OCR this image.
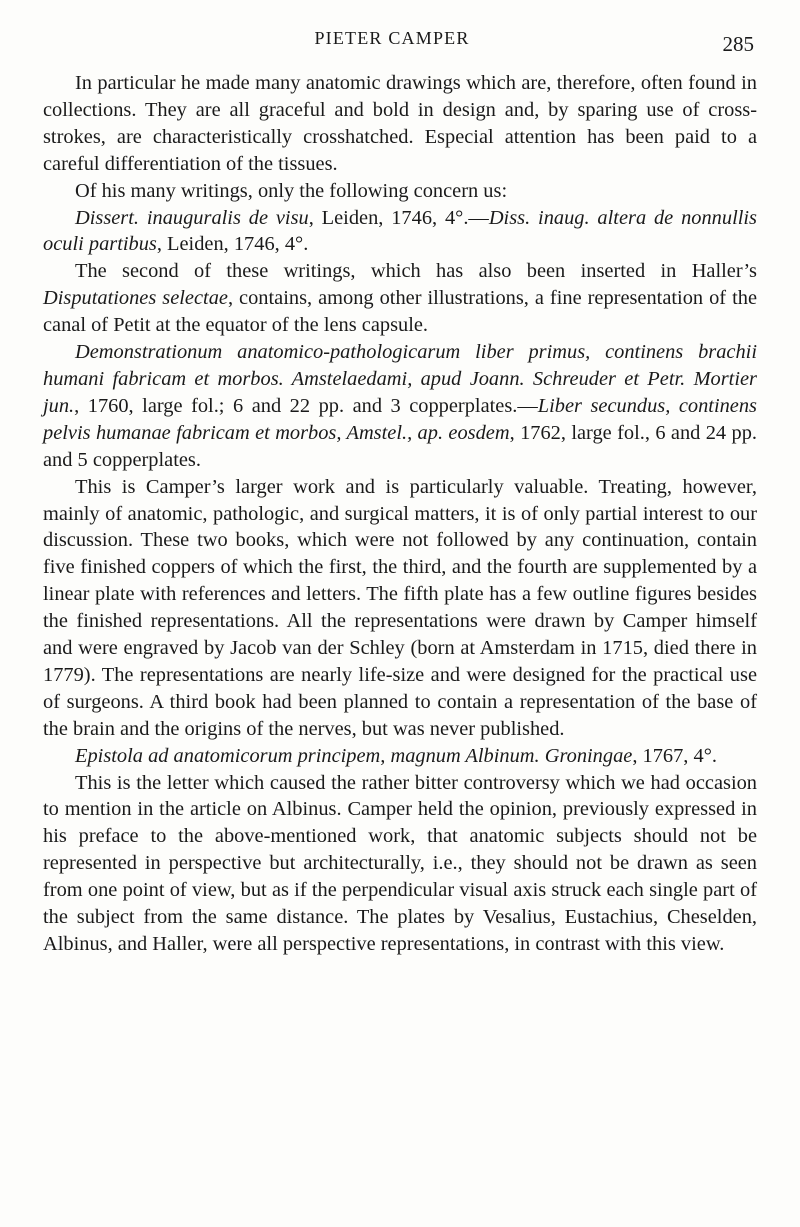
PIETER CAMPER	285

In particular he made many anatomic drawings which are, therefore, often found in collections. They are all graceful and bold in design and, by sparing use of cross-strokes, are characteristically crosshatched. Especial attention has been paid to a careful differentiation of the tissues.

Of his many writings, only the following concern us:

Dissert. inauguralis de visu, Leiden, 1746, 4°.—Diss. inaug. altera de nonnullis oculi partibus, Leiden, 1746, 4°.

The second of these writings, which has also been inserted in Haller’s Disputationes selectae, contains, among other illustrations, a fine representation of the canal of Petit at the equator of the lens capsule.

Demonstrationum anatomico-pathologicarum liber primus, continens brachii humani fabricam et morbos. Amstelaedami, apud Joann. Schreuder et Petr. Mortier jun., 1760, large fol.; 6 and 22 pp. and 3 copperplates.—Liber secundus, continens pelvis humanae fabricam et morbos, Amstel., ap. eosdem, 1762, large fol., 6 and 24 pp. and 5 copperplates.

This is Camper’s larger work and is particularly valuable. Treating, however, mainly of anatomic, pathologic, and surgical matters, it is of only partial interest to our discussion. These two books, which were not followed by any continuation, contain five finished coppers of which the first, the third, and the fourth are supplemented by a linear plate with references and letters. The fifth plate has a few outline figures besides the finished representations. All the representations were drawn by Camper himself and were engraved by Jacob van der Schley (born at Amsterdam in 1715, died there in 1779). The representations are nearly life-size and were designed for the practical use of surgeons. A third book had been planned to contain a representation of the base of the brain and the origins of the nerves, but was never published.

Epistola ad anatomicorum principem, magnum Albinum. Groningae, 1767, 4°.

This is the letter which caused the rather bitter controversy which we had occasion to mention in the article on Albinus. Camper held the opinion, previously expressed in his preface to the above-mentioned work, that anatomic subjects should not be represented in perspective but architecturally, i.e., they should not be drawn as seen from one point of view, but as if the perpendicular visual axis struck each single part of the subject from the same distance. The plates by Vesalius, Eustachius, Cheselden, Albinus, and Haller, were all perspective representations, in contrast with this view.
